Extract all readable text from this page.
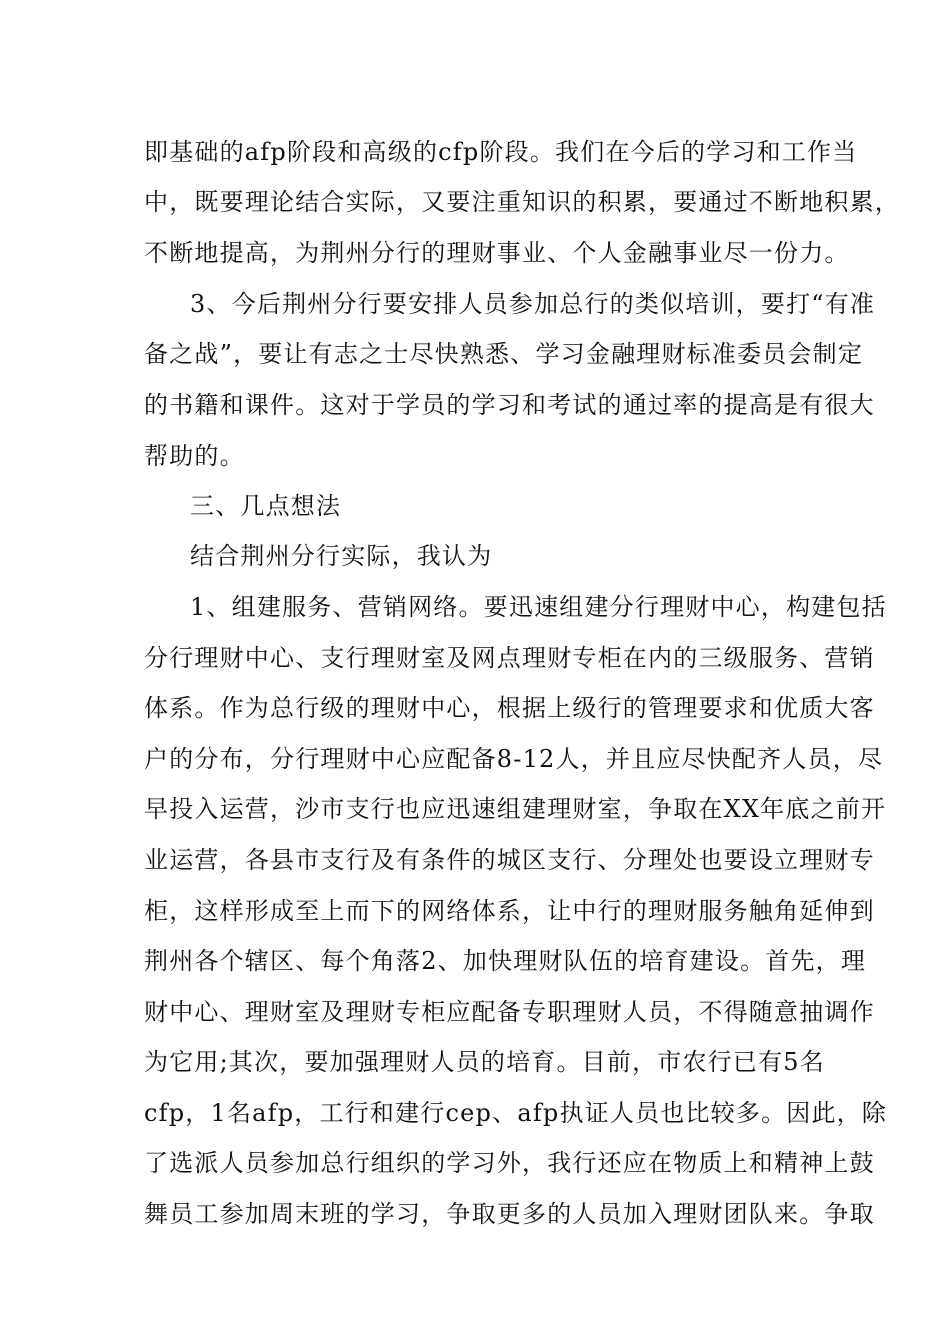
即基础的afp阶段和高级的cfp阶段。我们在今后的学习和工作当
中，既要理论结合实际，又要注重知识的积累，要通过不断地积累，
不断地提高，为荆州分行的理财事业、个人金融事业尽一份力。
3、今后荆州分行要安排人员参加总行的类似培训，要打“有准
备之战”，要让有志之士尽快熟悉、学习金融理财标准委员会制定
的书籍和课件。这对于学员的学习和考试的通过率的提高是有很大
帮助的。
三、几点想法
结合荆州分行实际，我认为
1、组建服务、营销网络。要迅速组建分行理财中心，构建包括
分行理财中心、支行理财室及网点理财专柜在内的三级服务、营销
体系。作为总行级的理财中心，根据上级行的管理要求和优质大客
户的分布，分行理财中心应配备8-12人，并且应尽快配齐人员，尽
早投入运营，沙市支行也应迅速组建理财室，争取在XX年底之前开
业运营，各县市支行及有条件的城区支行、分理处也要设立理财专
柜，这样形成至上而下的网络体系，让中行的理财服务触角延伸到
荆州各个辖区、每个角落2、加快理财队伍的培育建设。首先，理
财中心、理财室及理财专柜应配备专职理财人员，不得随意抽调作
为它用;其次，要加强理财人员的培育。目前，市农行已有5名
cfp，1名afp，工行和建行cep、afp执证人员也比较多。因此，除
了选派人员参加总行组织的学习外，我行还应在物质上和精神上鼓
舞员工参加周末班的学习，争取更多的人员加入理财团队来。争取
